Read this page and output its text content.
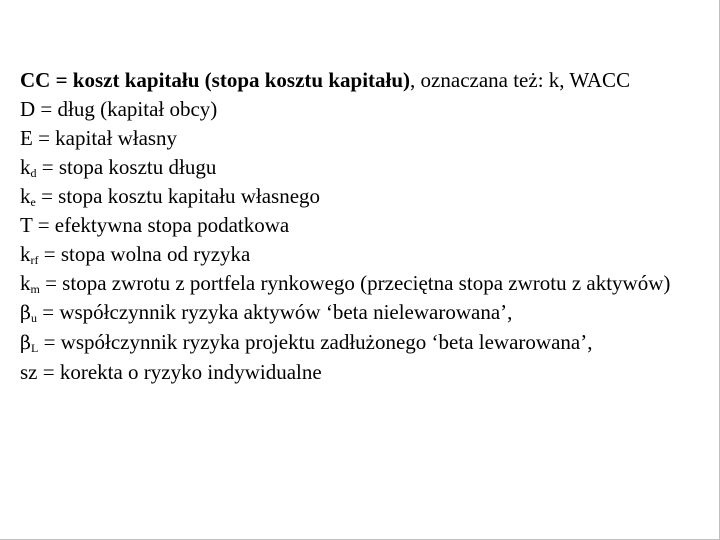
CC = koszt kapitału (stopa kosztu kapitału), oznaczana też: k, WACC
D = dług (kapitał obcy)
E = kapitał własny
$k_d$ = stopa kosztu długu
$k_e$ = stopa kosztu kapitału własnego
T = efektywna stopa podatkowa
$k_{rf}$ = stopa wolna od ryzyka
$k_m$ = stopa zwrotu z portfela rynkowego (przeciętna stopa zwrotu z aktywów)
$\beta_u$ = współczynnik ryzyka aktywów ‘beta nielewarowana’,
$\beta_L$ = współczynnik ryzyka projektu zadłużonego ‘beta lewarowana’,
sz = korekta o ryzyko indywidualne
